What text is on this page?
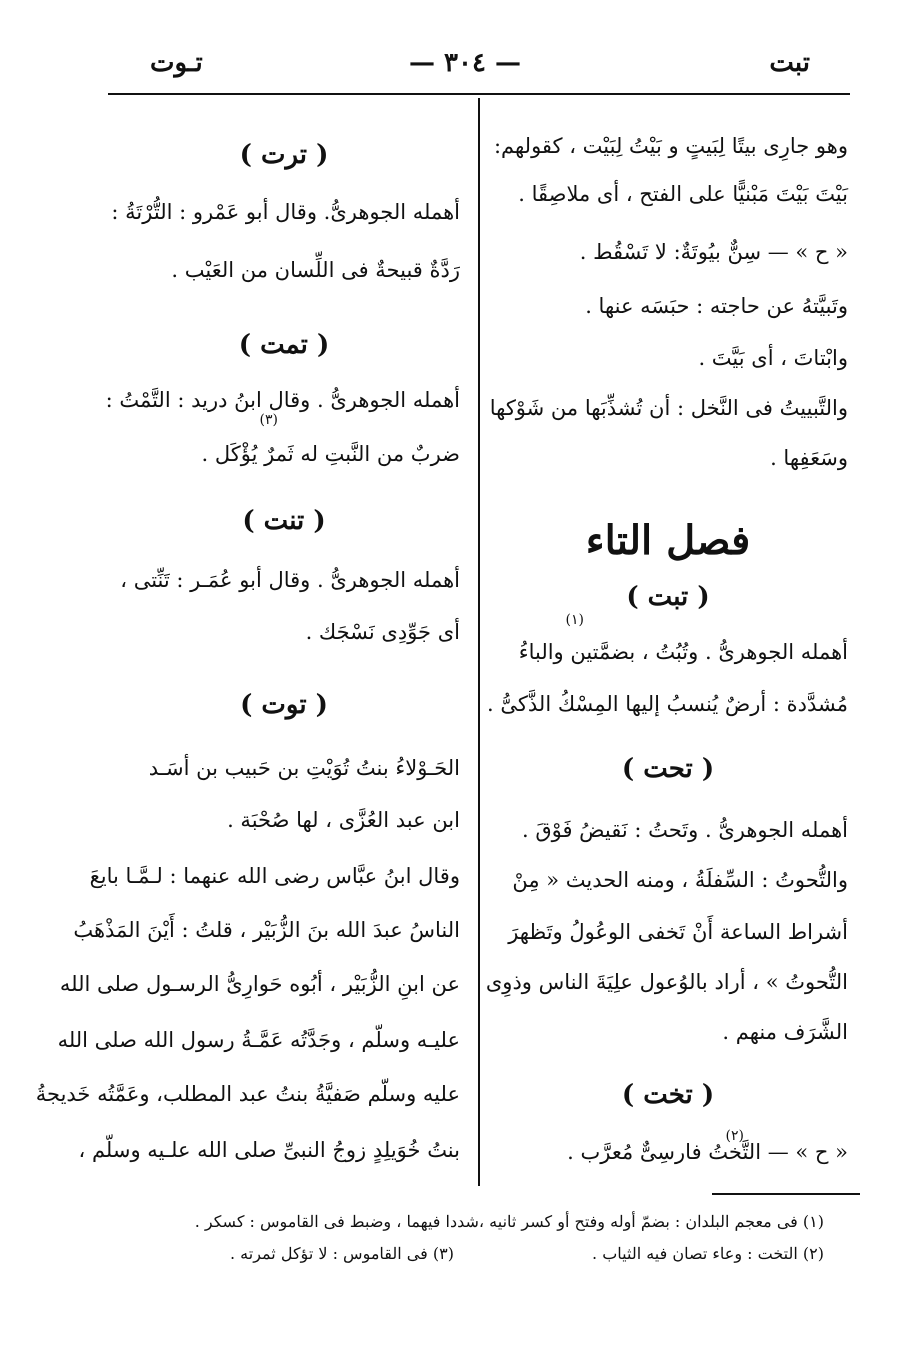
تبت
— ٣٠٤ —
تـوت

وهو جارِى بيتًا لِبَيتٍ و بَيْتُ لِبَيْت ، كقولهم:

بَيْتَ بَيْتَ مَبْنيًّا على الفتح ، أى ملاصِقًا .

« ح » — سِنٌّ بيُوتَةٌ: لا تَسْقُط .

وتَبيَّتهُ عن حاجته : حبَسَه عنها .

وابْتاتَ ، أى بَيَّتَ .

والتَّبييتُ فى النَّخل : أن تُشذِّبَها من شَوْكها

وسَعَفِها .

فصل التاء

( تبت )

أهمله الجوهرىُّ . وتُبُتُ ، بضمَّتين والباءُ

مُشدَّدة : أرضٌ يُنسبُ إليها المِسْكُ الذَّكىُّ .

( تحت )

أهمله الجوهرىُّ . وتَحتُ : نَقيضُ فَوْقَ .

والتُّحوتُ : السِّفلَةُ ، ومنه الحديث « مِنْ

أشراط الساعة أَنْ تَخفى الوعُولُ وتَظهرَ

التُّحوتُ » ، أراد بالوُعول علِيَةَ الناس وذوِى

الشَّرَف منهم .

( تخت )

« ح » — التَّختُ فارسِىٌّ مُعرَّب .

( ترت )

أهمله الجوهرىُّ. وقال أبو عَمْرو : التُّرْتَةُ :

رَدَّةٌ قبيحةٌ فى اللِّسان من العَيْب .

( تمت )

أهمله الجوهرىُّ . وقال ابنُ دريد : التَّمْتُ :

ضربٌ من النَّبتِ له ثَمرٌ يُؤْكَل .

( تنت )

أهمله الجوهرىُّ . وقال أبو عُمَـر : تَنِّتى ،

أى جَوِّدِى نَسْجَك .

( توت )

الحَـوْلاءُ بنتُ تُوَيْتِ بن حَبيب بن أسَـد

ابن عبد العُزَّى ، لها صُحْبَة .

وقال ابنُ عبَّاس رضى الله عنهما : لـمَّـا بايعَ

الناسُ عبدَ الله بنَ الزُّبَيْر ، قلتُ : أَيْنَ المَذْهَبُ

عن ابنِ الزُّبَيْر ، أبُوه حَوارِىُّ الرسـول صلى الله

عليـه وسلّم ، وجَدَّتُه عَمَّـةُ رسول الله صلى الله

عليه وسلّم صَفيَّةُ بنتُ عبد المطلب، وعَمَّتُه خَديجةُ

بنتُ خُوَيلِدٍ زوجُ النبىِّ صلى الله علـيه وسلّم ،

(١)
(٢)
(٣)
(١) فى معجم البلدان : بضمّ أوله وفتح أو كسر ثانيه ،شددا فيهما ، وضبط فى القاموس : كسكر .
(٢) التخت : وعاء تصان فيه الثياب .
(٣) فى القاموس : لا تؤكل ثمرته .
